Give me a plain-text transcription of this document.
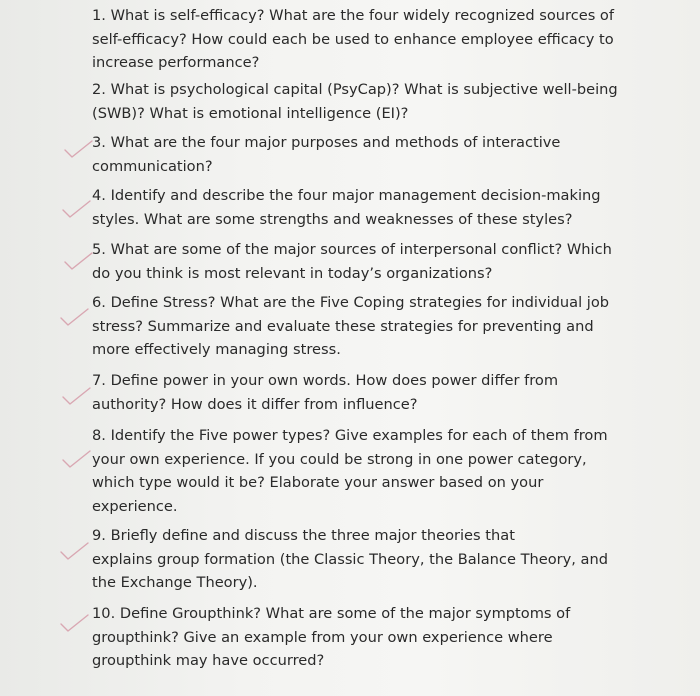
1. What is self-efficacy? What are the four widely recognized sources of
self-efficacy? How could each be used to enhance employee efficacy to
increase performance?
2. What is psychological capital (PsyCap)? What is subjective well-being
(SWB)? What is emotional intelligence (EI)?
3. What are the four major purposes and methods of interactive
communication?
4. Identify and describe the four major management decision-making
styles. What are some strengths and weaknesses of these styles?
5. What are some of the major sources of interpersonal conflict? Which
do you think is most relevant in today’s organizations?
6. Define Stress? What are the Five Coping strategies for individual job
stress? Summarize and evaluate these strategies for preventing and
more effectively managing stress.
7. Define power in your own words. How does power differ from
authority? How does it differ from influence?
8. Identify the Five power types? Give examples for each of them from
your own experience. If you could be strong in one power category,
which type would it be? Elaborate your answer based on your
experience.
9. Briefly define and discuss the three major theories that
explains group formation (the Classic Theory, the Balance Theory, and
the Exchange Theory).
10. Define Groupthink? What are some of the major symptoms of
groupthink? Give an example from your own experience where
groupthink may have occurred?
